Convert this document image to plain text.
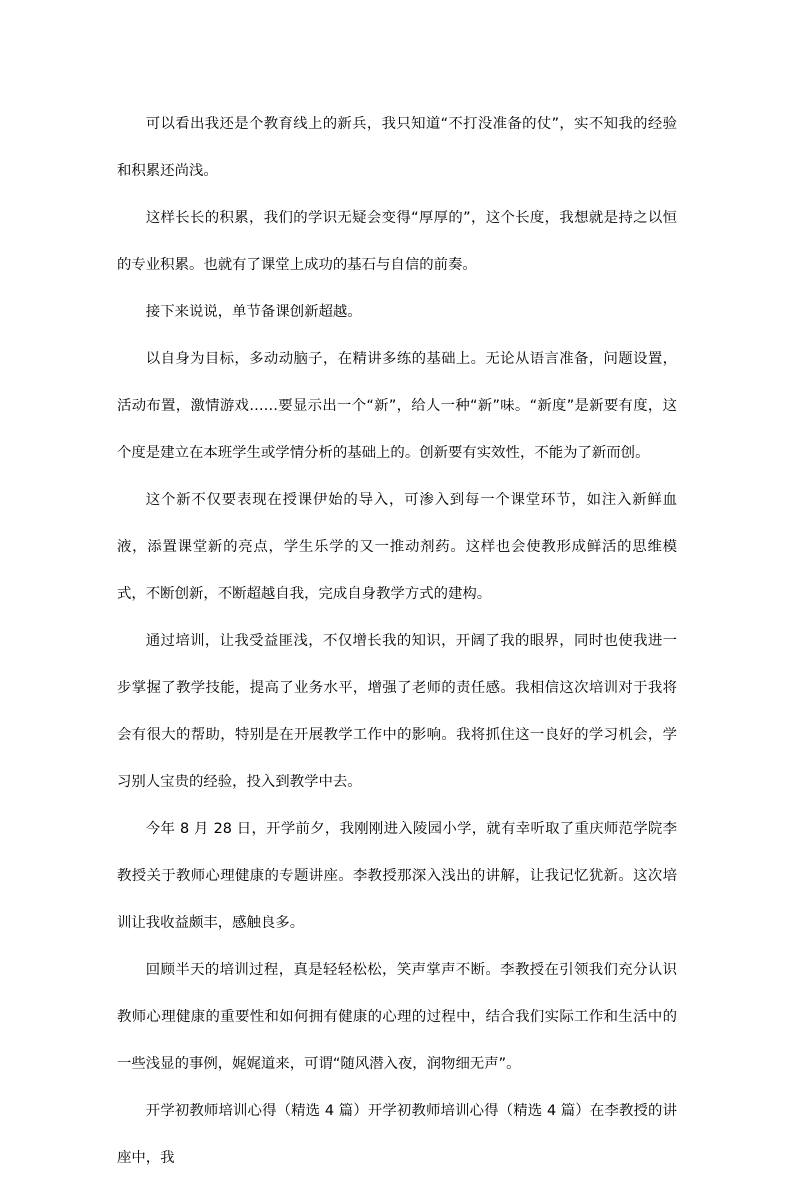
可以看出我还是个教育线上的新兵，我只知道“不打没准备的仗”，实不知我的经验和积累还尚浅。

这样长长的积累，我们的学识无疑会变得“厚厚的”，这个长度，我想就是持之以恒的专业积累。也就有了课堂上成功的基石与自信的前奏。

接下来说说，单节备课创新超越。

以自身为目标，多动动脑子，在精讲多练的基础上。无论从语言准备，问题设置，活动布置，激情游戏……要显示出一个“新”，给人一种“新”味。“新度”是新要有度，这个度是建立在本班学生或学情分析的基础上的。创新要有实效性，不能为了新而创。

这个新不仅要表现在授课伊始的导入，可渗入到每一个课堂环节，如注入新鲜血液，添置课堂新的亮点，学生乐学的又一推动剂药。这样也会使教形成鲜活的思维模式，不断创新，不断超越自我，完成自身教学方式的建构。

通过培训，让我受益匪浅，不仅增长我的知识，开阔了我的眼界，同时也使我进一步掌握了教学技能，提高了业务水平，增强了老师的责任感。我相信这次培训对于我将会有很大的帮助，特别是在开展教学工作中的影响。我将抓住这一良好的学习机会，学习别人宝贵的经验，投入到教学中去。

今年 8 月 28 日，开学前夕，我刚刚进入陵园小学，就有幸听取了重庆师范学院李教授关于教师心理健康的专题讲座。李教授那深入浅出的讲解，让我记忆犹新。这次培训让我收益颇丰，感触良多。

回顾半天的培训过程，真是轻轻松松，笑声掌声不断。李教授在引领我们充分认识教师心理健康的重要性和如何拥有健康的心理的过程中，结合我们实际工作和生活中的一些浅显的事例，娓娓道来，可谓“随风潜入夜，润物细无声”。

开学初教师培训心得（精选 4 篇）开学初教师培训心得（精选 4 篇）在李教授的讲座中，我
